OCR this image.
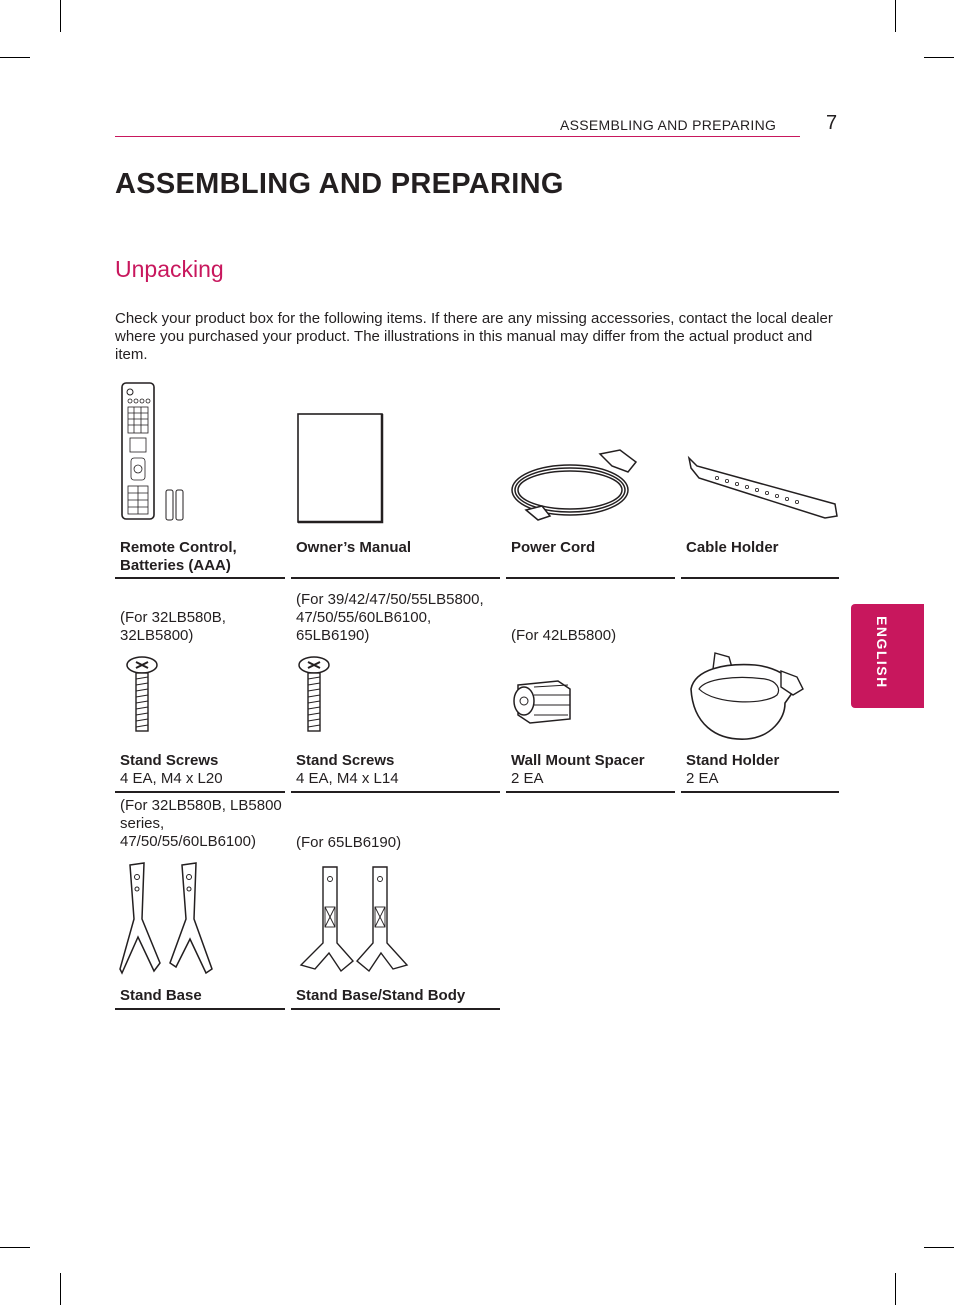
ASSEMBLING AND PREPARING 7
ASSEMBLING AND PREPARING
Unpacking

Check your product box for the following items. If there are any missing accessories, contact the local dealer where you purchased your product. The illustrations in this manual may differ from the actual product and item.

ENGLISH
Remote Control, Batteries (AAA)
Owner’s Manual	Power Cord	Cable Holder
(For 32LB580B, 32LB5800)
Stand Screws
4 EA, M4 x L20
(For 39/42/47/50/55LB5800, 47/50/55/60LB6100, 65LB6190)
Stand Screws
4 EA, M4 x L14
(For 42LB5800)
Wall Mount Spacer
2 EA
Stand Holder
2 EA
(For 32LB580B, LB5800 series, 47/50/55/60LB6100)
Stand Base
(For 65LB6190)
Stand Base/Stand Body
